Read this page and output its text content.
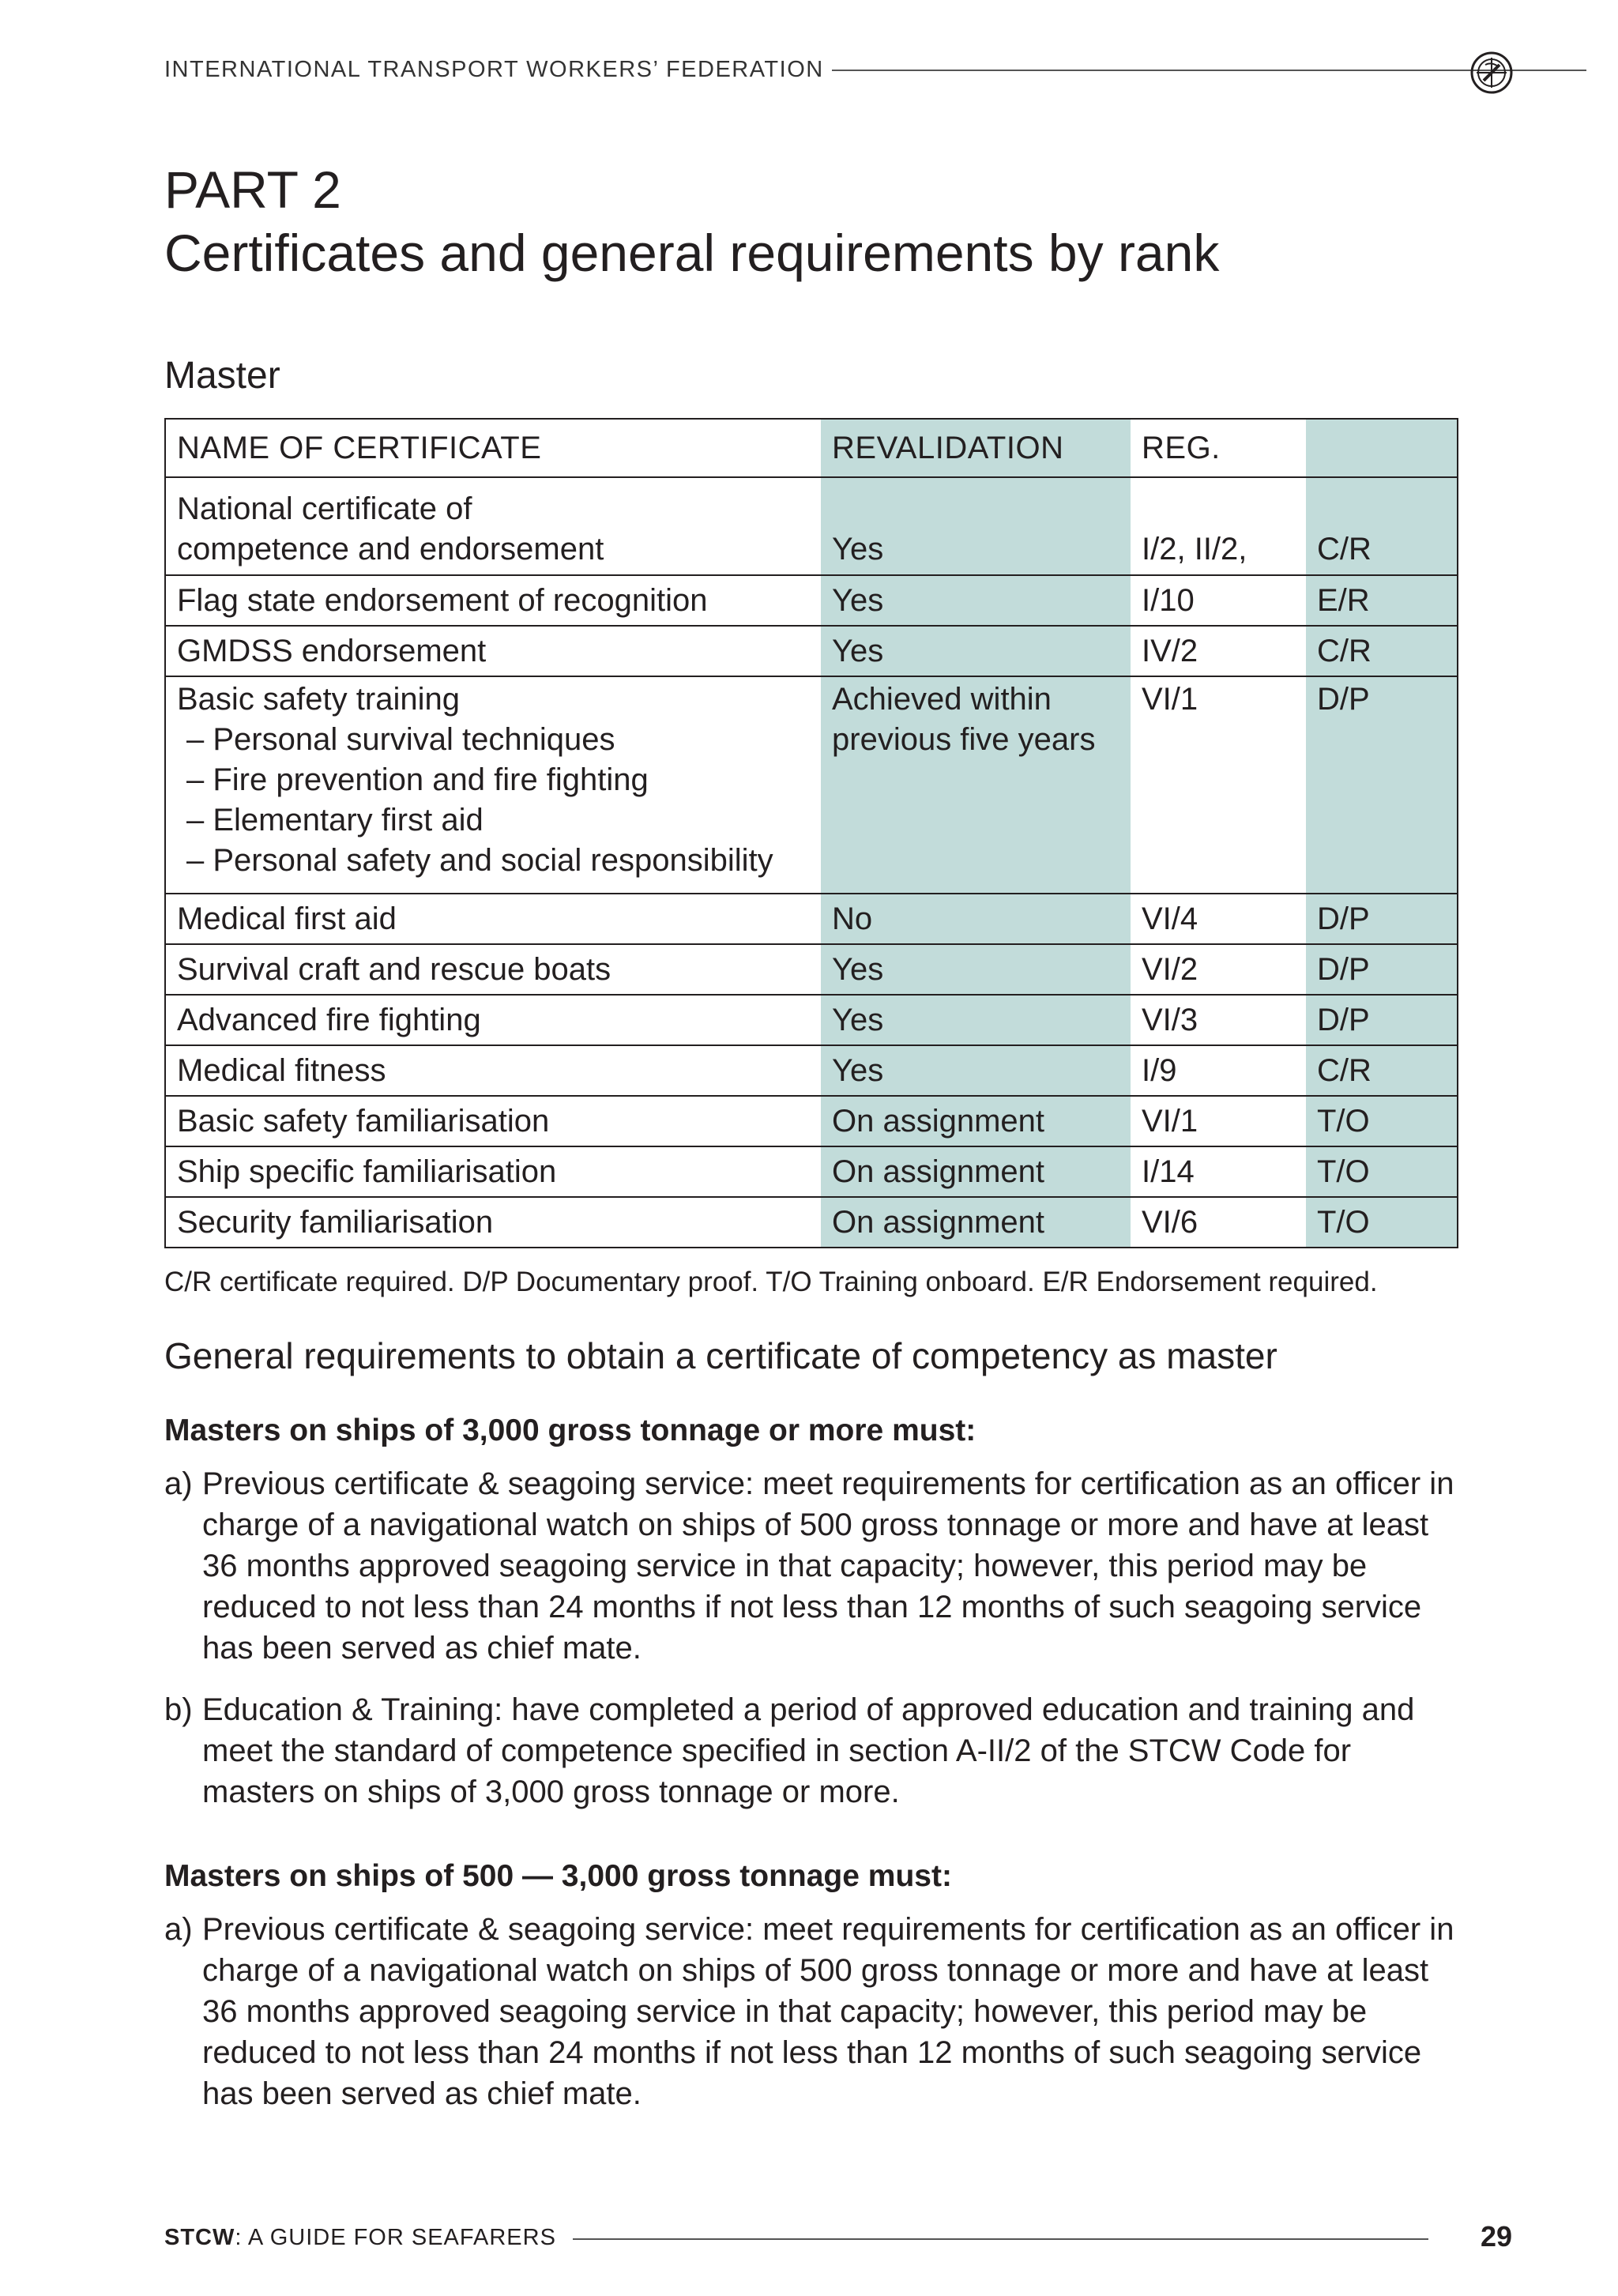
INTERNATIONAL TRANSPORT WORKERS’ FEDERATION
PART 2
Certificates and general requirements by rank
Master
NAME OF CERTIFICATE	REVALIDATION	REG.	
National certificate of competence and endorsement	Yes	I/2, II/2,	C/R
Flag state endorsement of recognition	Yes	I/10	E/R
GMDSS endorsement	Yes	IV/2	C/R
Basic safety training
– Personal survival techniques
– Fire prevention and fire fighting
– Elementary first aid
– Personal safety and social responsibility	Achieved within previous five years	VI/1	D/P
Medical first aid	No	VI/4	D/P
Survival craft and rescue boats	Yes	VI/2	D/P
Advanced fire fighting	Yes	VI/3	D/P
Medical fitness	Yes	I/9	C/R
Basic safety familiarisation	On assignment	VI/1	T/O
Ship specific familiarisation	On assignment	I/14	T/O
Security familiarisation	On assignment	VI/6	T/O
C/R certificate required. D/P Documentary proof. T/O Training onboard. E/R Endorsement required.
General requirements to obtain a certificate of competency as master
Masters on ships of 3,000 gross tonnage or more must:
a) Previous certificate & seagoing service: meet requirements for certification as an officer in charge of a navigational watch on ships of 500 gross tonnage or more and have at least 36 months approved seagoing service in that capacity; however, this period may be reduced to not less than 24 months if not less than 12 months of such seagoing service has been served as chief mate.
b) Education & Training: have completed a period of approved education and training and meet the standard of competence specified in section A-II/2 of the STCW Code for masters on ships of 3,000 gross tonnage or more.
Masters on ships of 500 — 3,000 gross tonnage must:
a) Previous certificate & seagoing service: meet requirements for certification as an officer in charge of a navigational watch on ships of 500 gross tonnage or more and have at least 36 months approved seagoing service in that capacity; however, this period may be reduced to not less than 24 months if not less than 12 months of such seagoing service has been served as chief mate.
STCW: A GUIDE FOR SEAFARERS	29
